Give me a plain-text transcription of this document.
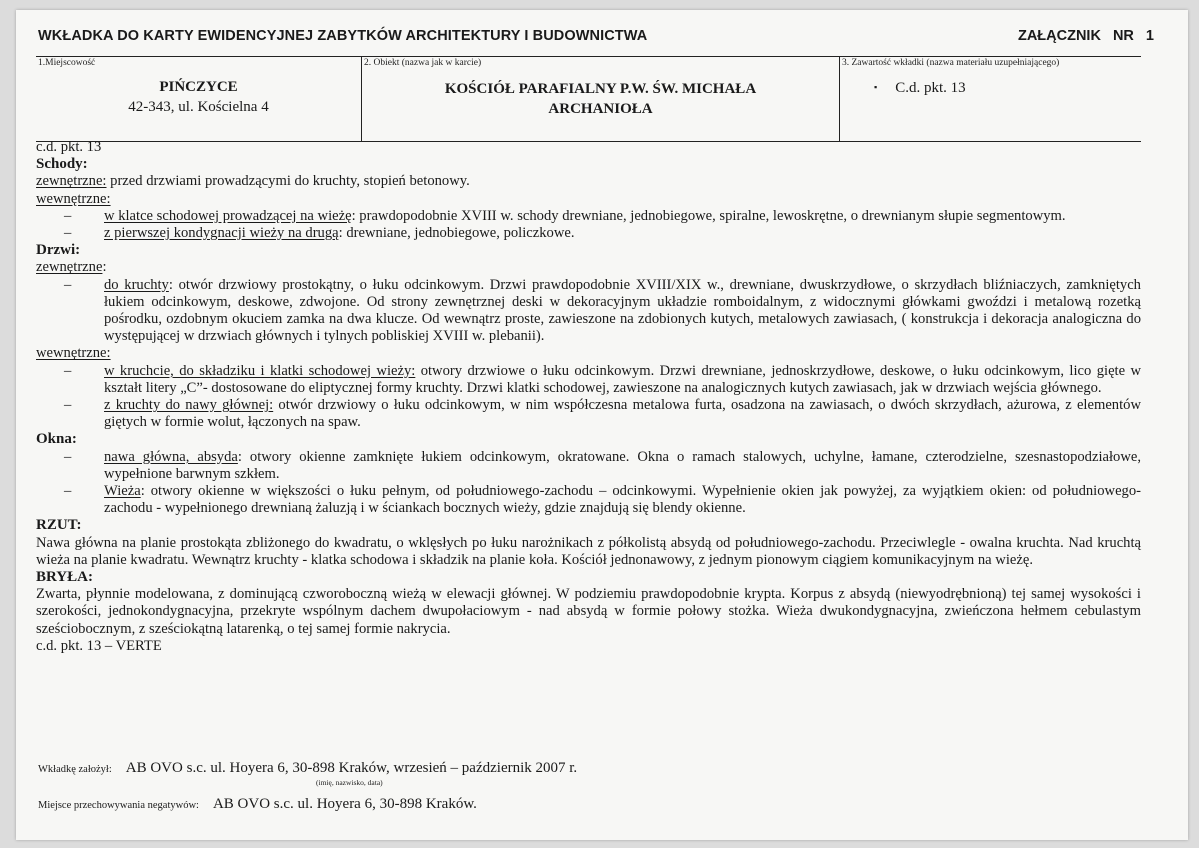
WKŁADKA DO KARTY EWIDENCYJNEJ ZABYTKÓW ARCHITEKTURY I BUDOWNICTWA	ZAŁĄCZNIK NR 1
1.Miejscowość
PIŃCZYCE
42-343, ul. Kościelna 4
2. Obiekt (nazwa jak w karcie)
KOŚCIÓŁ PARAFIALNY P.W. ŚW. MICHAŁA ARCHANIOŁA
3. Zawartość wkładki (nazwa materiału uzupełniającego)
▪ C.d. pkt. 13

c.d. pkt. 13

Schody:

zewnętrzne: przed drzwiami prowadzącymi do kruchty, stopień betonowy.

wewnętrzne:

– w klatce schodowej prowadzącej na wieżę: prawdopodobnie XVIII w. schody drewniane, jednobiegowe, spiralne, lewoskrętne, o drewnianym słupie segmentowym.

– z pierwszej kondygnacji wieży na drugą: drewniane, jednobiegowe, policzkowe.

Drzwi:

zewnętrzne:

– do kruchty: otwór drzwiowy prostokątny, o łuku odcinkowym. Drzwi prawdopodobnie XVIII/XIX w., drewniane, dwuskrzydłowe, o skrzydłach bliźniaczych, zamkniętych łukiem odcinkowym, deskowe, zdwojone. Od strony zewnętrznej deski w dekoracyjnym układzie romboidalnym, z widocznymi główkami gwoździ i metalową rozetką pośrodku, ozdobnym okuciem zamka na dwa klucze. Od wewnątrz proste, zawieszone na zdobionych kutych, metalowych zawiasach, ( konstrukcja i dekoracja analogiczna do występującej w drzwiach głównych i tylnych pobliskiej XVIII w. plebanii).

wewnętrzne:

– w kruchcie, do składziku i klatki schodowej wieży: otwory drzwiowe o łuku odcinkowym. Drzwi drewniane, jednoskrzydłowe, deskowe, o łuku odcinkowym, lico gięte w kształt litery „C”- dostosowane do eliptycznej formy kruchty. Drzwi klatki schodowej, zawieszone na analogicznych kutych zawiasach, jak w drzwiach wejścia głównego.

– z kruchty do nawy głównej: otwór drzwiowy o łuku odcinkowym, w nim współczesna metalowa furta, osadzona na zawiasach, o dwóch skrzydłach, ażurowa, z elementów giętych w formie wolut, łączonych na spaw.

Okna:

– nawa główna, absyda: otwory okienne zamknięte łukiem odcinkowym, okratowane. Okna o ramach stalowych, uchylne, łamane, czterodzielne, szesnastopodziałowe, wypełnione barwnym szkłem.

– Wieża: otwory okienne w większości o łuku pełnym, od południowego-zachodu – odcinkowymi. Wypełnienie okien jak powyżej, za wyjątkiem okien: od południowego-zachodu - wypełnionego drewnianą żaluzją i w ściankach bocznych wieży, gdzie znajdują się blendy okienne.

RZUT:

Nawa główna na planie prostokąta zbliżonego do kwadratu, o wklęsłych po łuku narożnikach z półkolistą absydą od południowego-zachodu. Przeciwlegle - owalna kruchta. Nad kruchtą wieża na planie kwadratu. Wewnątrz kruchty - klatka schodowa i składzik na planie koła. Kościół jednonawowy, z jednym pionowym ciągiem komunikacyjnym na wieżę.

BRYŁA:

Zwarta, płynnie modelowana, z dominującą czworoboczną wieżą w elewacji głównej. W podziemiu prawdopodobnie krypta. Korpus z absydą (niewyodrębnioną) tej samej wysokości i szerokości, jednokondygnacyjna, przekryte wspólnym dachem dwupołaciowym - nad absydą w formie połowy stożka. Wieża dwukondygnacyjna, zwieńczona hełmem cebulastym sześciobocznym, z sześciokątną latarenką, o tej samej formie nakrycia.

c.d. pkt. 13 – VERTE

Wkładkę założył: AB OVO s.c. ul. Hoyera 6, 30-898 Kraków, wrzesień – październik 2007 r.
(imię, nazwisko, data)
Miejsce przechowywania negatywów: AB OVO s.c. ul. Hoyera 6, 30-898 Kraków.
